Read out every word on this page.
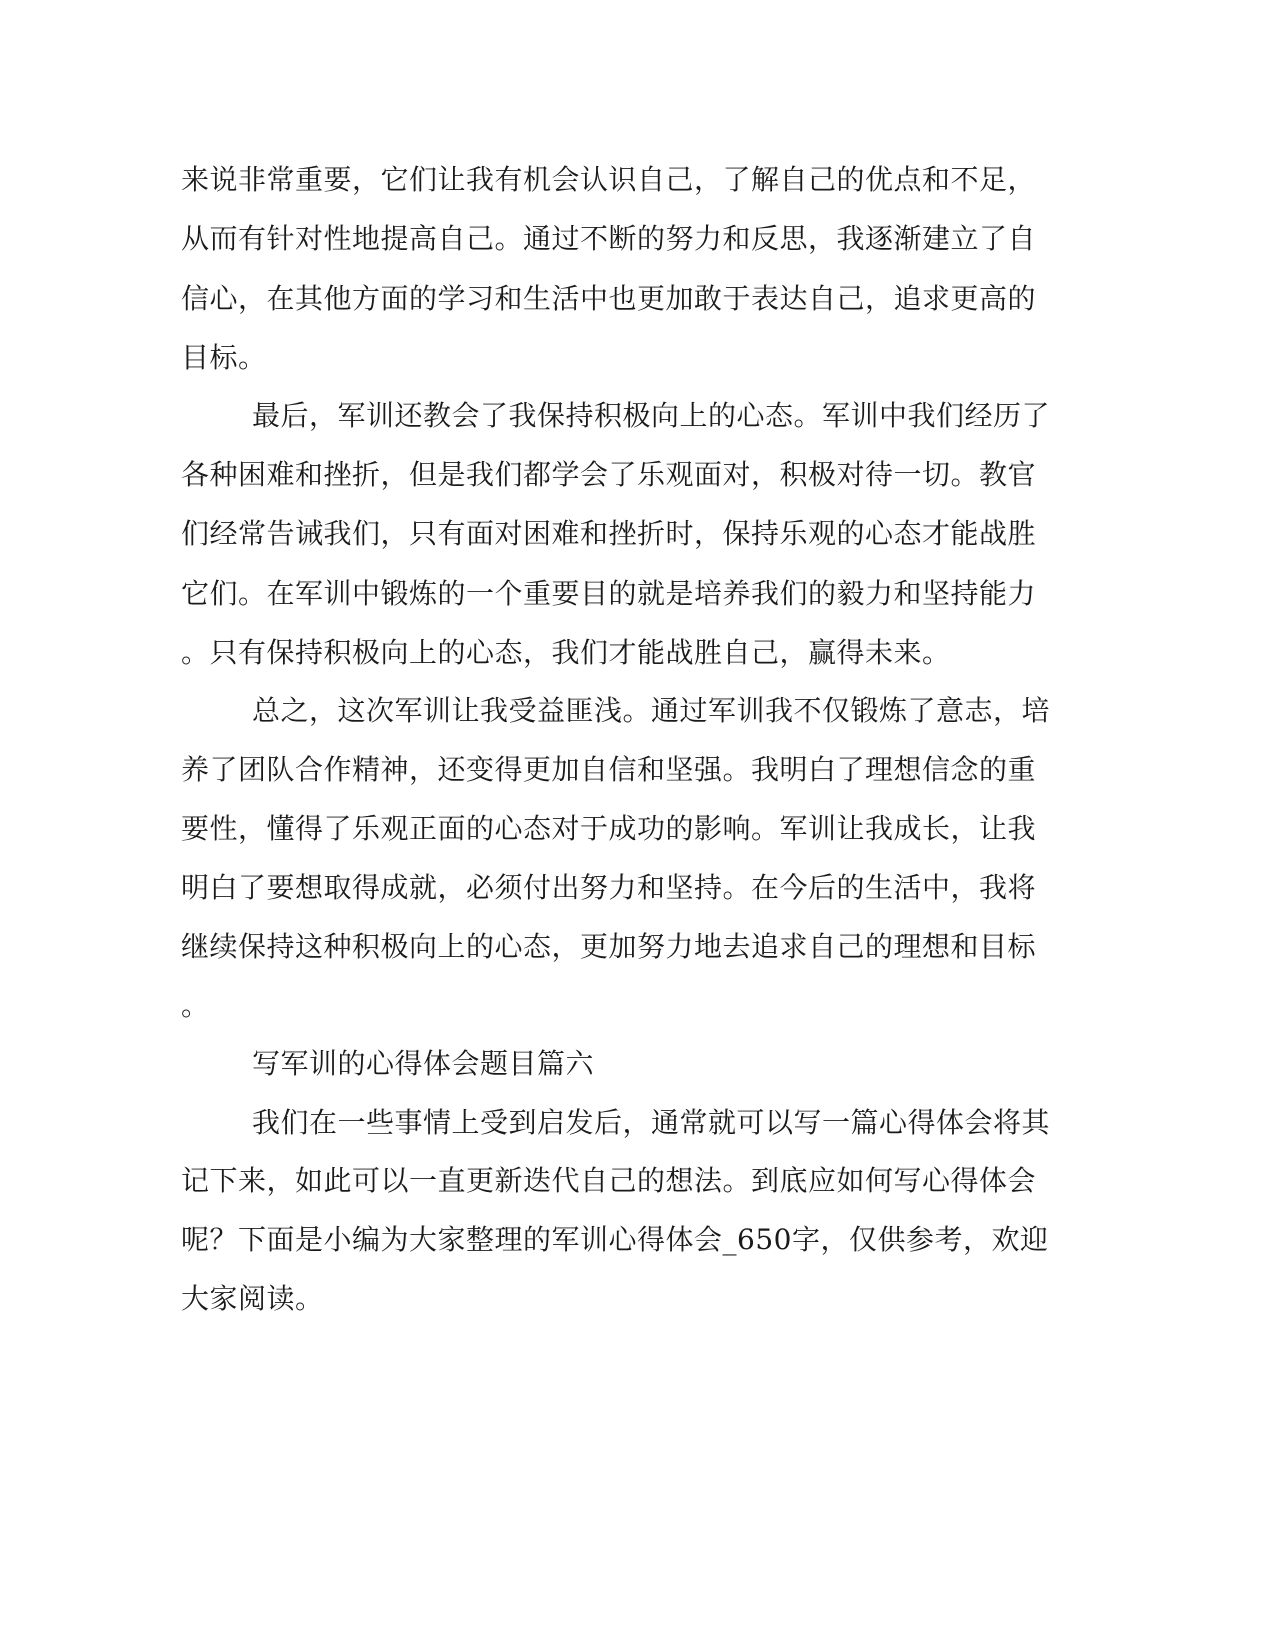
来说非常重要，它们让我有机会认识自己，了解自己的优点和不足，

从而有针对性地提高自己。通过不断的努力和反思，我逐渐建立了自

信心，在其他方面的学习和生活中也更加敢于表达自己，追求更高的

目标。

最后，军训还教会了我保持积极向上的心态。军训中我们经历了

各种困难和挫折，但是我们都学会了乐观面对，积极对待一切。教官

们经常告诫我们，只有面对困难和挫折时，保持乐观的心态才能战胜

它们。在军训中锻炼的一个重要目的就是培养我们的毅力和坚持能力

。只有保持积极向上的心态，我们才能战胜自己，赢得未来。

总之，这次军训让我受益匪浅。通过军训我不仅锻炼了意志，培

养了团队合作精神，还变得更加自信和坚强。我明白了理想信念的重

要性，懂得了乐观正面的心态对于成功的影响。军训让我成长，让我

明白了要想取得成就，必须付出努力和坚持。在今后的生活中，我将

继续保持这种积极向上的心态，更加努力地去追求自己的理想和目标

。

写军训的心得体会题目篇六

我们在一些事情上受到启发后，通常就可以写一篇心得体会将其

记下来，如此可以一直更新迭代自己的想法。到底应如何写心得体会

呢？下面是小编为大家整理的军训心得体会_650字，仅供参考，欢迎

大家阅读。
